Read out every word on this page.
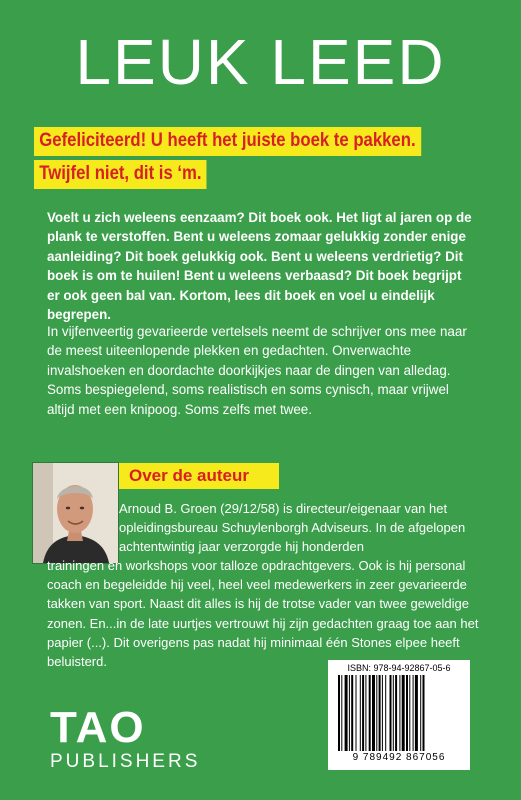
LEUK LEED
Gefeliciteerd! U heeft het juiste boek te pakken.
Twijfel niet, dit is ‘m.

Voelt u zich weleens eenzaam? Dit boek ook. Het ligt al jaren op de plank te verstoffen. Bent u weleens zomaar gelukkig zonder enige aanleiding? Dit boek gelukkig ook. Bent u weleens verdrietig? Dit boek is om te huilen! Bent u weleens verbaasd? Dit boek begrijpt er ook geen bal van. Kortom, lees dit boek en voel u eindelijk begrepen.

In vijfenveertig gevarieerde vertelsels neemt de schrijver ons mee naar de meest uiteenlopende plekken en gedachten. Onverwachte invalshoeken en doordachte doorkijkjes naar de dingen van alledag. Soms bespiegelend, soms realistisch en soms cynisch, maar vrijwel altijd met een knipoog. Soms zelfs met twee.

Over de auteur

Arnoud B. Groen (29/12/58) is directeur/eigenaar van het opleidingsbureau Schuylenborgh Adviseurs. In de afgelopen achtentwintig jaar verzorgde hij honderden

trainingen en workshops voor talloze opdrachtgevers. Ook is hij personal coach en begeleidde hij veel, heel veel medewerkers in zeer gevarieerde takken van sport. Naast dit alles is hij de trotse vader van twee geweldige zonen. En...in de late uurtjes vertrouwt hij zijn gedachten graag toe aan het papier (...). Dit overigens pas nadat hij minimaal één Stones elpee heeft beluisterd.

TAO
PUBLISHERS
ISBN: 978-94-92867-05-6
9 789492 867056
